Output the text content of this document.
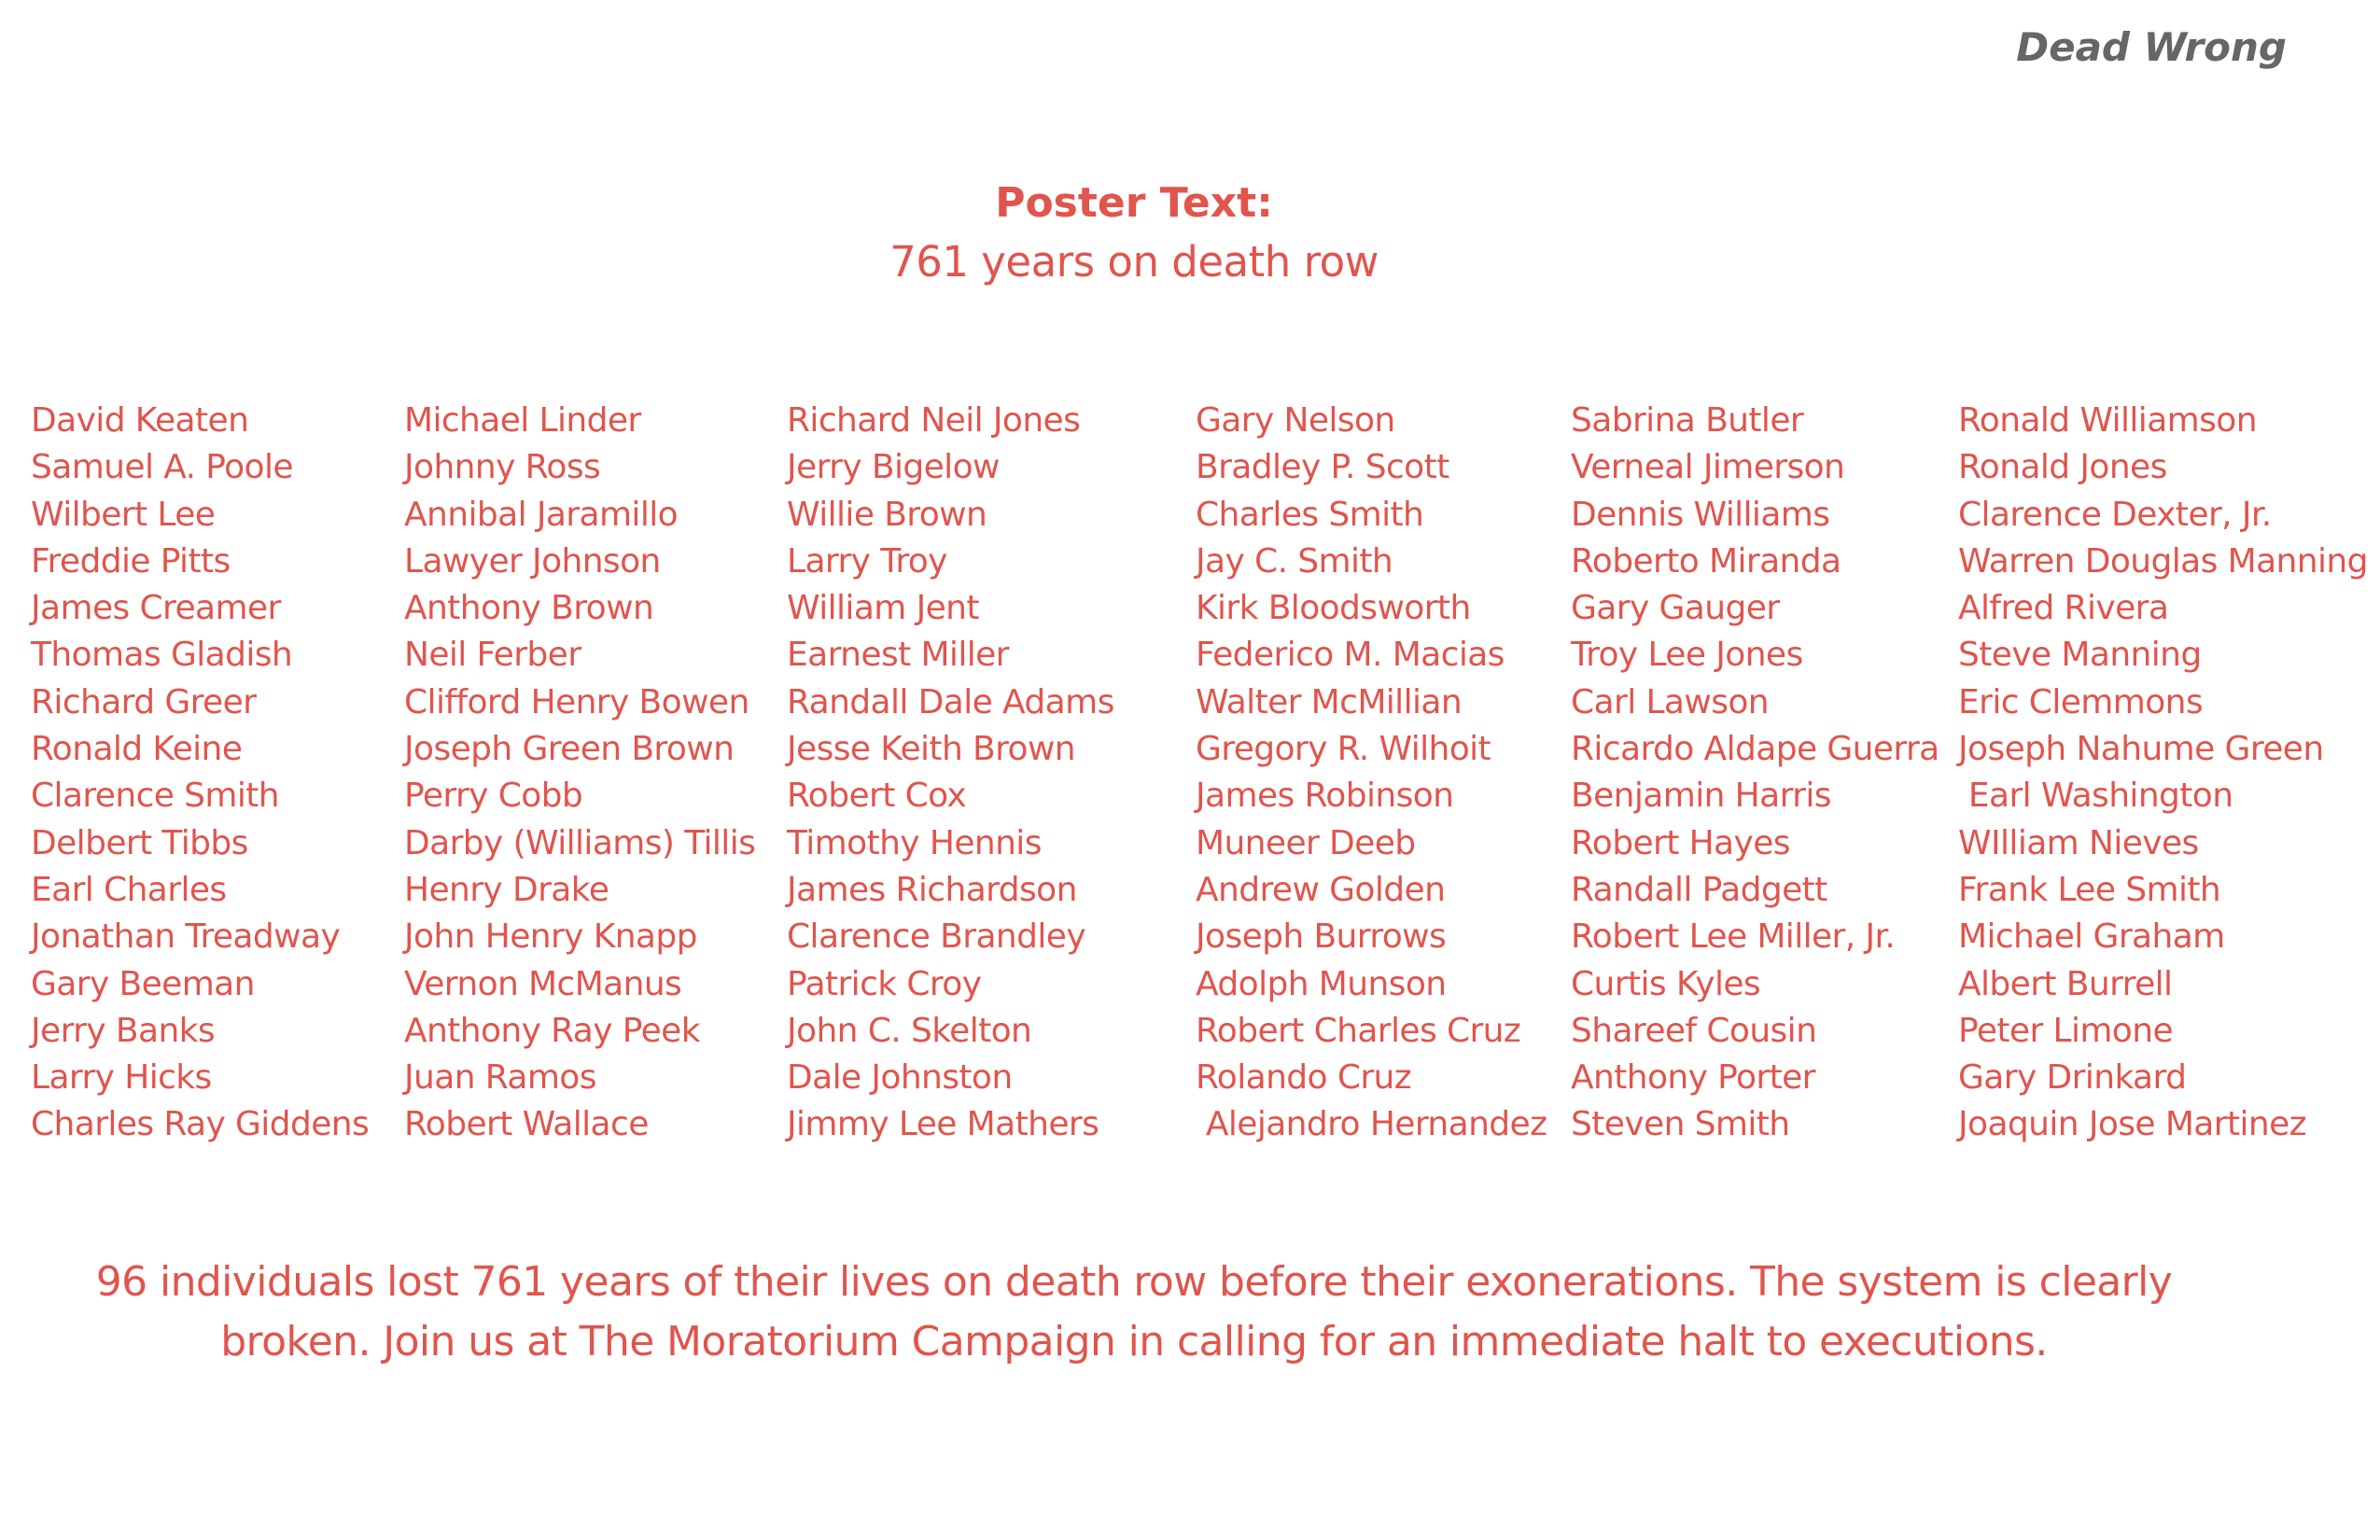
Dead Wrong
Poster Text:
761 years on death row
David Keaten
Samuel A. Poole
Wilbert Lee
Freddie Pitts
James Creamer
Thomas Gladish
Richard Greer
Ronald Keine
Clarence Smith
Delbert Tibbs
Earl Charles
Jonathan Treadway
Gary Beeman
Jerry Banks
Larry Hicks
Charles Ray Giddens
Michael Linder
Johnny Ross
Annibal Jaramillo
Lawyer Johnson
Anthony Brown
Neil Ferber
Clifford Henry Bowen
Joseph Green Brown
Perry Cobb
Darby (Williams) Tillis
Henry Drake
John Henry Knapp
Vernon McManus
Anthony Ray Peek
Juan Ramos
Robert Wallace
Richard Neil Jones
Jerry Bigelow
Willie Brown
Larry Troy
William Jent
Earnest Miller
Randall Dale Adams
Jesse Keith Brown
Robert Cox
Timothy Hennis
James Richardson
Clarence Brandley
Patrick Croy
John C. Skelton
Dale Johnston
Jimmy Lee Mathers
Gary Nelson
Bradley P. Scott
Charles Smith
Jay C. Smith
Kirk Bloodsworth
Federico M. Macias
Walter McMillian
Gregory R. Wilhoit
James Robinson
Muneer Deeb
Andrew Golden
Joseph Burrows
Adolph Munson
Robert Charles Cruz
Rolando Cruz
Alejandro Hernandez
Sabrina Butler
Verneal Jimerson
Dennis Williams
Roberto Miranda
Gary Gauger
Troy Lee Jones
Carl Lawson
Ricardo Aldape Guerra
Benjamin Harris
Robert Hayes
Randall Padgett
Robert Lee Miller, Jr.
Curtis Kyles
Shareef Cousin
Anthony Porter
Steven Smith
Ronald Williamson
Ronald Jones
Clarence Dexter, Jr.
Warren Douglas Manning
Alfred Rivera
Steve Manning
Eric Clemmons
Joseph Nahume Green
Earl Washington
WIlliam Nieves
Frank Lee Smith
Michael Graham
Albert Burrell
Peter Limone
Gary Drinkard
Joaquin Jose Martinez
96 individuals lost 761 years of their lives on death row before their exonerations. The system is clearly
broken. Join us at The Moratorium Campaign in calling for an immediate halt to executions.
